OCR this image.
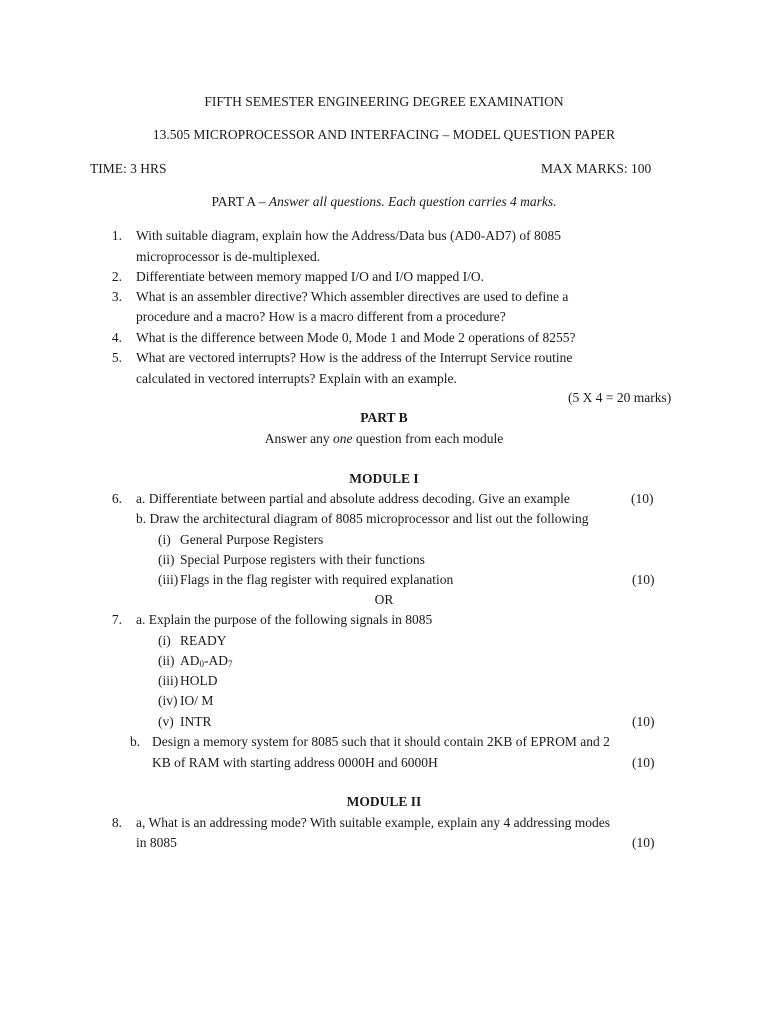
FIFTH SEMESTER ENGINEERING DEGREE EXAMINATION
13.505 MICROPROCESSOR AND INTERFACING – MODEL QUESTION PAPER
TIME: 3 HRS	MAX MARKS: 100
PART A – Answer all questions. Each question carries 4 marks.
1. With suitable diagram, explain how the Address/Data bus (AD0-AD7) of 8085
microprocessor is de-multiplexed.
2. Differentiate between memory mapped I/O and I/O mapped I/O.
3. What is an assembler directive? Which assembler directives are used to define a
procedure and a macro? How is a macro different from a procedure?
4. What is the difference between Mode 0, Mode 1 and Mode 2 operations of 8255?
5. What are vectored interrupts? How is the address of the Interrupt Service routine
calculated in vectored interrupts? Explain with an example.
(5 X 4 = 20 marks)
PART B
Answer any one question from each module
MODULE I
6. a. Differentiate between partial and absolute address decoding. Give an example	(10)
b. Draw the architectural diagram of 8085 microprocessor and list out the following
(i) General Purpose Registers
(ii) Special Purpose registers with their functions
(iii) Flags in the flag register with required explanation	(10)
OR
7. a. Explain the purpose of the following signals in 8085
(i) READY
(ii) $AD_0-AD_7$
(iii) HOLD
(iv) IO/ M
(v) INTR	(10)
b. Design a memory system for 8085 such that it should contain 2KB of EPROM and 2
KB of RAM with starting address 0000H and 6000H	(10)
MODULE II
8. a, What is an addressing mode? With suitable example, explain any 4 addressing modes
in 8085	(10)
